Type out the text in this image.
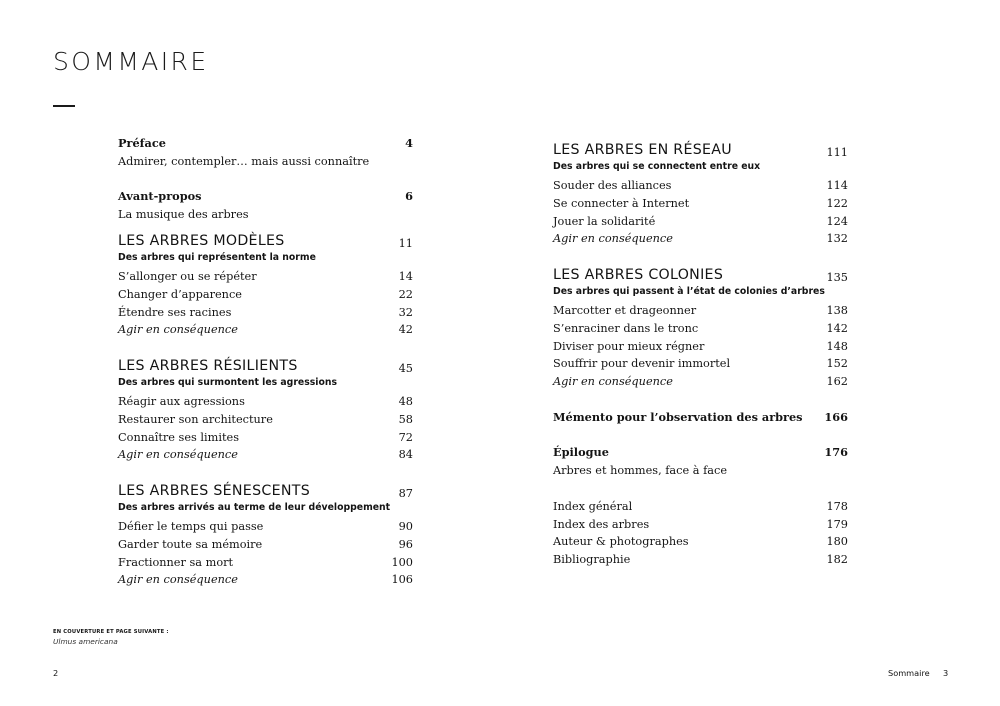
SOMMAIRE
Préface	4
Admirer, contempler… mais aussi connaître
Avant-propos	6
La musique des arbres
LES ARBRES MODÈLES	11
Des arbres qui représentent la norme
S’allonger ou se répéter	14
Changer d’apparence	22
Étendre ses racines	32
Agir en conséquence	42
LES ARBRES RÉSILIENTS	45
Des arbres qui surmontent les agressions
Réagir aux agressions	48
Restaurer son architecture	58
Connaître ses limites	72
Agir en conséquence	84
LES ARBRES SÉNESCENTS	87
Des arbres arrivés au terme de leur développement
Défier le temps qui passe	90
Garder toute sa mémoire	96
Fractionner sa mort	100
Agir en conséquence	106
LES ARBRES EN RÉSEAU	111
Des arbres qui se connectent entre eux
Souder des alliances	114
Se connecter à Internet	122
Jouer la solidarité	124
Agir en conséquence	132
LES ARBRES COLONIES	135
Des arbres qui passent à l’état de colonies d’arbres
Marcotter et drageonner	138
S’enraciner dans le tronc	142
Diviser pour mieux régner	148
Souffrir pour devenir immortel	152
Agir en conséquence	162
Mémento pour l’observation des arbres 166
Épilogue	176
Arbres et hommes, face à face
Index général	178
Index des arbres	179
Auteur & photographes	180
Bibliographie	182
EN COUVERTURE ET PAGE SUIVANTE :
Ulmus americana
2	Sommaire 3
